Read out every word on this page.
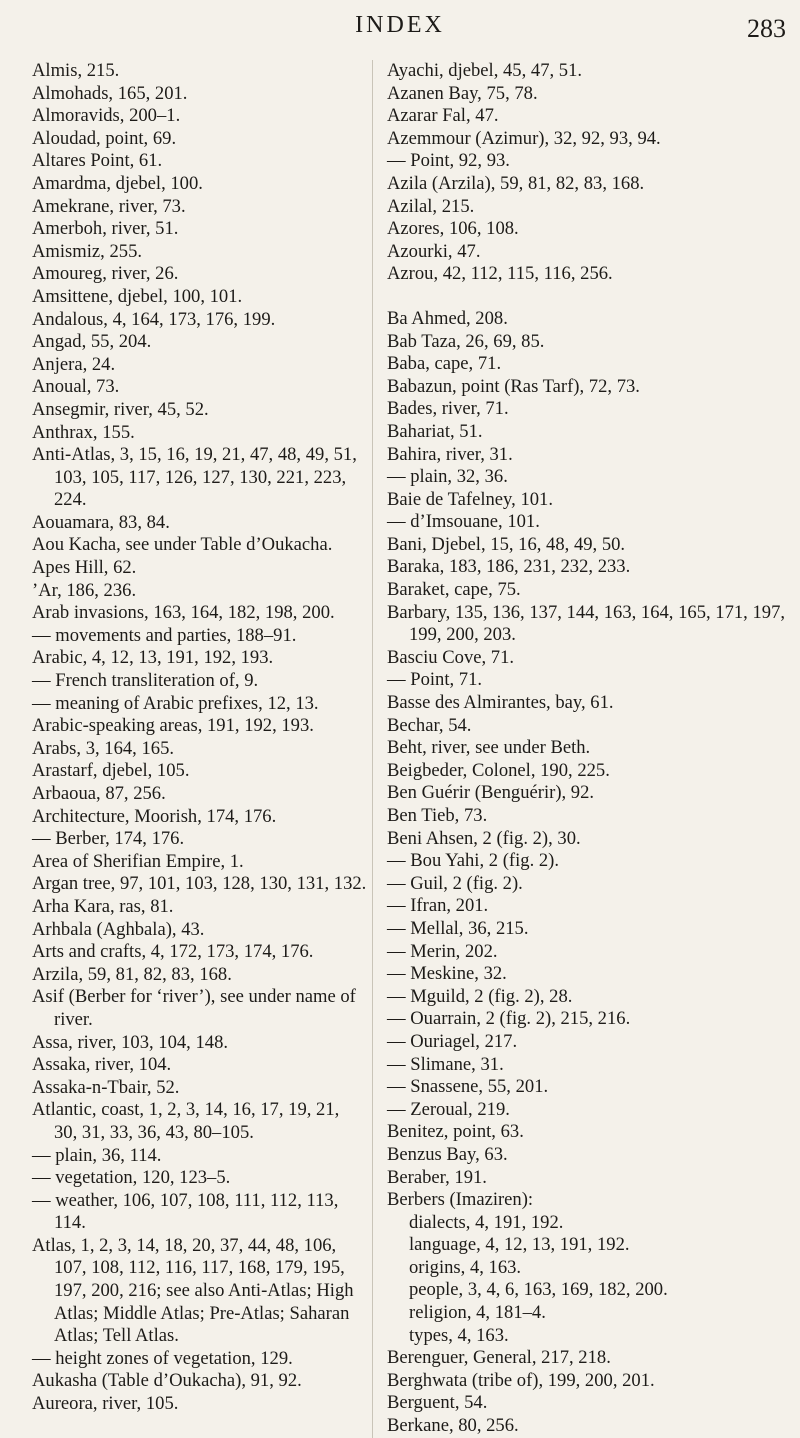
INDEX	283
Almis, 215.
Almohads, 165, 201.
Almoravids, 200–1.
Aloudad, point, 69.
Altares Point, 61.
Amardma, djebel, 100.
Amekrane, river, 73.
Amerboh, river, 51.
Amismiz, 255.
Amoureg, river, 26.
Amsittene, djebel, 100, 101.
Andalous, 4, 164, 173, 176, 199.
Angad, 55, 204.
Anjera, 24.
Anoual, 73.
Ansegmir, river, 45, 52.
Anthrax, 155.
Anti-Atlas, 3, 15, 16, 19, 21, 47, 48, 49, 51, 103, 105, 117, 126, 127, 130, 221, 223, 224.
Aouamara, 83, 84.
Aou Kacha, see under Table d’Oukacha.
Apes Hill, 62.
’Ar, 186, 236.
Arab invasions, 163, 164, 182, 198, 200.
— movements and parties, 188–91.
Arabic, 4, 12, 13, 191, 192, 193.
— French transliteration of, 9.
— meaning of Arabic prefixes, 12, 13.
Arabic-speaking areas, 191, 192, 193.
Arabs, 3, 164, 165.
Arastarf, djebel, 105.
Arbaoua, 87, 256.
Architecture, Moorish, 174, 176.
— Berber, 174, 176.
Area of Sherifian Empire, 1.
Argan tree, 97, 101, 103, 128, 130, 131, 132.
Arha Kara, ras, 81.
Arhbala (Aghbala), 43.
Arts and crafts, 4, 172, 173, 174, 176.
Arzila, 59, 81, 82, 83, 168.
Asif (Berber for ‘river’), see under name of river.
Assa, river, 103, 104, 148.
Assaka, river, 104.
Assaka-n-Tbair, 52.
Atlantic, coast, 1, 2, 3, 14, 16, 17, 19, 21, 30, 31, 33, 36, 43, 80–105.
— plain, 36, 114.
— vegetation, 120, 123–5.
— weather, 106, 107, 108, 111, 112, 113, 114.
Atlas, 1, 2, 3, 14, 18, 20, 37, 44, 48, 106, 107, 108, 112, 116, 117, 168, 179, 195, 197, 200, 216; see also Anti-Atlas; High Atlas; Middle Atlas; Pre-Atlas; Saharan Atlas; Tell Atlas.
— height zones of vegetation, 129.
Aukasha (Table d’Oukacha), 91, 92.
Aureora, river, 105.
Ayachi, djebel, 45, 47, 51.
Azanen Bay, 75, 78.
Azarar Fal, 47.
Azemmour (Azimur), 32, 92, 93, 94.
— Point, 92, 93.
Azila (Arzila), 59, 81, 82, 83, 168.
Azilal, 215.
Azores, 106, 108.
Azourki, 47.
Azrou, 42, 112, 115, 116, 256.
Ba Ahmed, 208.
Bab Taza, 26, 69, 85.
Baba, cape, 71.
Babazun, point (Ras Tarf), 72, 73.
Bades, river, 71.
Bahariat, 51.
Bahira, river, 31.
— plain, 32, 36.
Baie de Tafelney, 101.
— d’Imsouane, 101.
Bani, Djebel, 15, 16, 48, 49, 50.
Baraka, 183, 186, 231, 232, 233.
Baraket, cape, 75.
Barbary, 135, 136, 137, 144, 163, 164, 165, 171, 197, 199, 200, 203.
Basciu Cove, 71.
— Point, 71.
Basse des Almirantes, bay, 61.
Bechar, 54.
Beht, river, see under Beth.
Beigbeder, Colonel, 190, 225.
Ben Guérir (Benguérir), 92.
Ben Tieb, 73.
Beni Ahsen, 2 (fig. 2), 30.
— Bou Yahi, 2 (fig. 2).
— Guil, 2 (fig. 2).
— Ifran, 201.
— Mellal, 36, 215.
— Merin, 202.
— Meskine, 32.
— Mguild, 2 (fig. 2), 28.
— Ouarrain, 2 (fig. 2), 215, 216.
— Ouriagel, 217.
— Slimane, 31.
— Snassene, 55, 201.
— Zeroual, 219.
Benitez, point, 63.
Benzus Bay, 63.
Beraber, 191.
Berbers (Imaziren):
dialects, 4, 191, 192.
language, 4, 12, 13, 191, 192.
origins, 4, 163.
people, 3, 4, 6, 163, 169, 182, 200.
religion, 4, 181–4.
types, 4, 163.
Berenguer, General, 217, 218.
Berghwata (tribe of), 199, 200, 201.
Berguent, 54.
Berkane, 80, 256.
